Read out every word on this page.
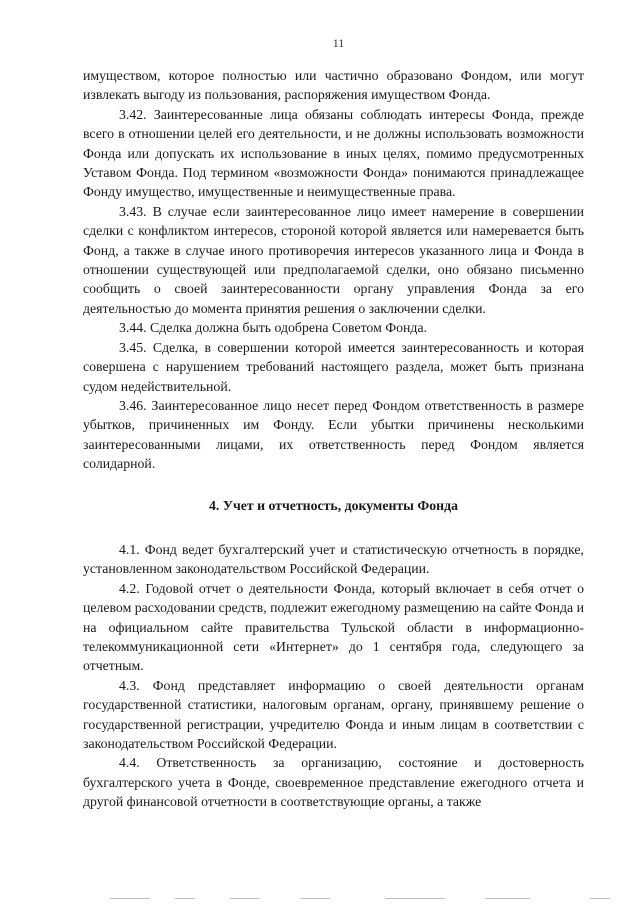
11

имуществом, которое полностью или частично образовано Фондом, или могут извлекать выгоду из пользования, распоряжения имуществом Фонда.

3.42. Заинтересованные лица обязаны соблюдать интересы Фонда, прежде всего в отношении целей его деятельности, и не должны использовать возможности Фонда или допускать их использование в иных целях, помимо предусмотренных Уставом Фонда. Под термином «возможности Фонда» понимаются принадлежащее Фонду имущество, имущественные и неимущественные права.

3.43. В случае если заинтересованное лицо имеет намерение в совершении сделки с конфликтом интересов, стороной которой является или намеревается быть Фонд, а также в случае иного противоречия интересов указанного лица и Фонда в отношении существующей или предполагаемой сделки, оно обязано письменно сообщить о своей заинтересованности органу управления Фонда за его деятельностью до момента принятия решения о заключении сделки.

3.44. Сделка должна быть одобрена Советом Фонда.

3.45. Сделка, в совершении которой имеется заинтересованность и которая совершена с нарушением требований настоящего раздела, может быть признана судом недействительной.

3.46. Заинтересованное лицо несет перед Фондом ответственность в размере убытков, причиненных им Фонду. Если убытки причинены несколькими заинтересованными лицами, их ответственность перед Фондом является солидарной.

4. Учет и отчетность, документы Фонда

4.1. Фонд ведет бухгалтерский учет и статистическую отчетность в порядке, установленном законодательством Российской Федерации.

4.2. Годовой отчет о деятельности Фонда, который включает в себя отчет о целевом расходовании средств, подлежит ежегодному размещению на сайте Фонда и на официальном сайте правительства Тульской области в информационно-телекоммуникационной сети «Интернет» до 1 сентября года, следующего за отчетным.

4.3. Фонд представляет информацию о своей деятельности органам государственной статистики, налоговым органам, органу, принявшему решение о государственной регистрации, учредителю Фонда и иным лицам в соответствии с законодательством Российской Федерации.

4.4. Ответственность за организацию, состояние и достоверность бухгалтерского учета в Фонде, своевременное представление ежегодного отчета и другой финансовой отчетности в соответствующие органы, а также
